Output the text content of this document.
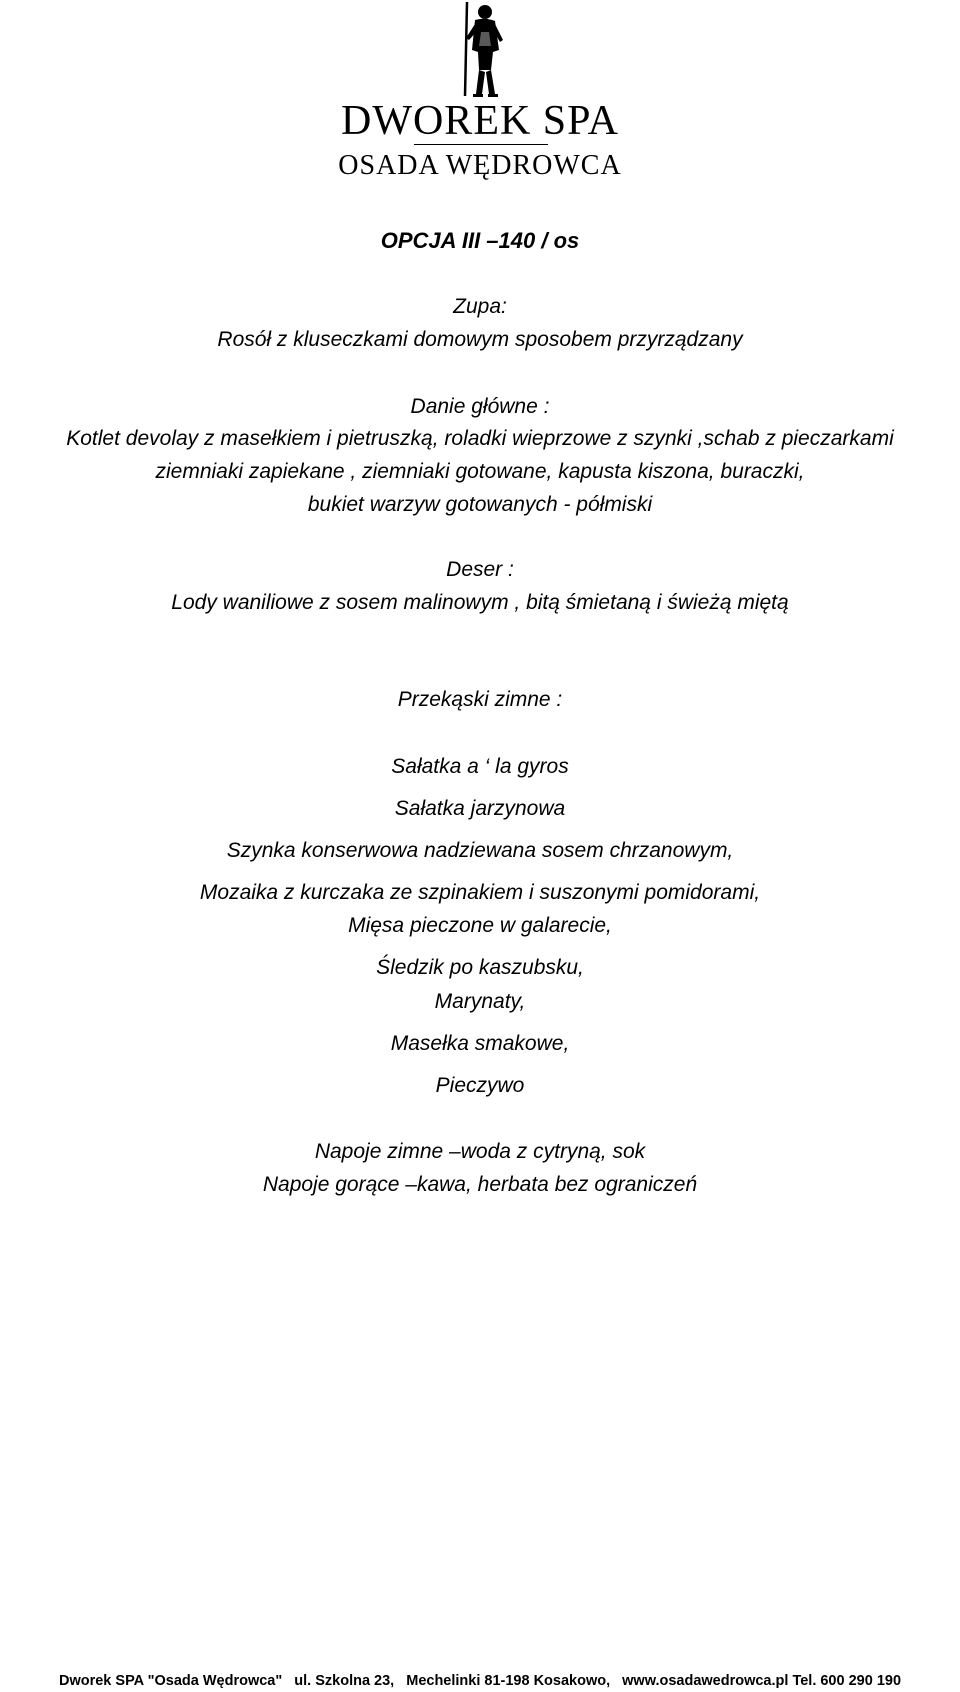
DWOREK SPA
OSADA WĘDROWCA
OPCJA III –140 / os
Zupa:
Rosół z kluseczkami domowym sposobem przyrządzany
Danie główne :
Kotlet devolay z masełkiem i pietruszką, roladki wieprzowe z szynki ,schab z pieczarkami
ziemniaki zapiekane , ziemniaki gotowane, kapusta kiszona, buraczki,
bukiet warzyw gotowanych - półmiski
Deser :
Lody waniliowe z sosem malinowym , bitą śmietaną i świeżą miętą
Przekąski zimne :
Sałatka a ‘ la gyros
Sałatka jarzynowa
Szynka konserwowa nadziewana sosem chrzanowym,
Mozaika z kurczaka ze szpinakiem i suszonymi pomidorami,
Mięsa pieczone w galarecie,
Śledzik po kaszubsku,
Marynaty,
Masełka smakowe,
Pieczywo
Napoje zimne –woda z cytryną, sok
Napoje gorące –kawa, herbata bez ograniczeń
Dworek SPA "Osada Wędrowca" ul. Szkolna 23, Mechelinki 81-198 Kosakowo, www.osadawedrowca.pl Tel. 600 290 190
